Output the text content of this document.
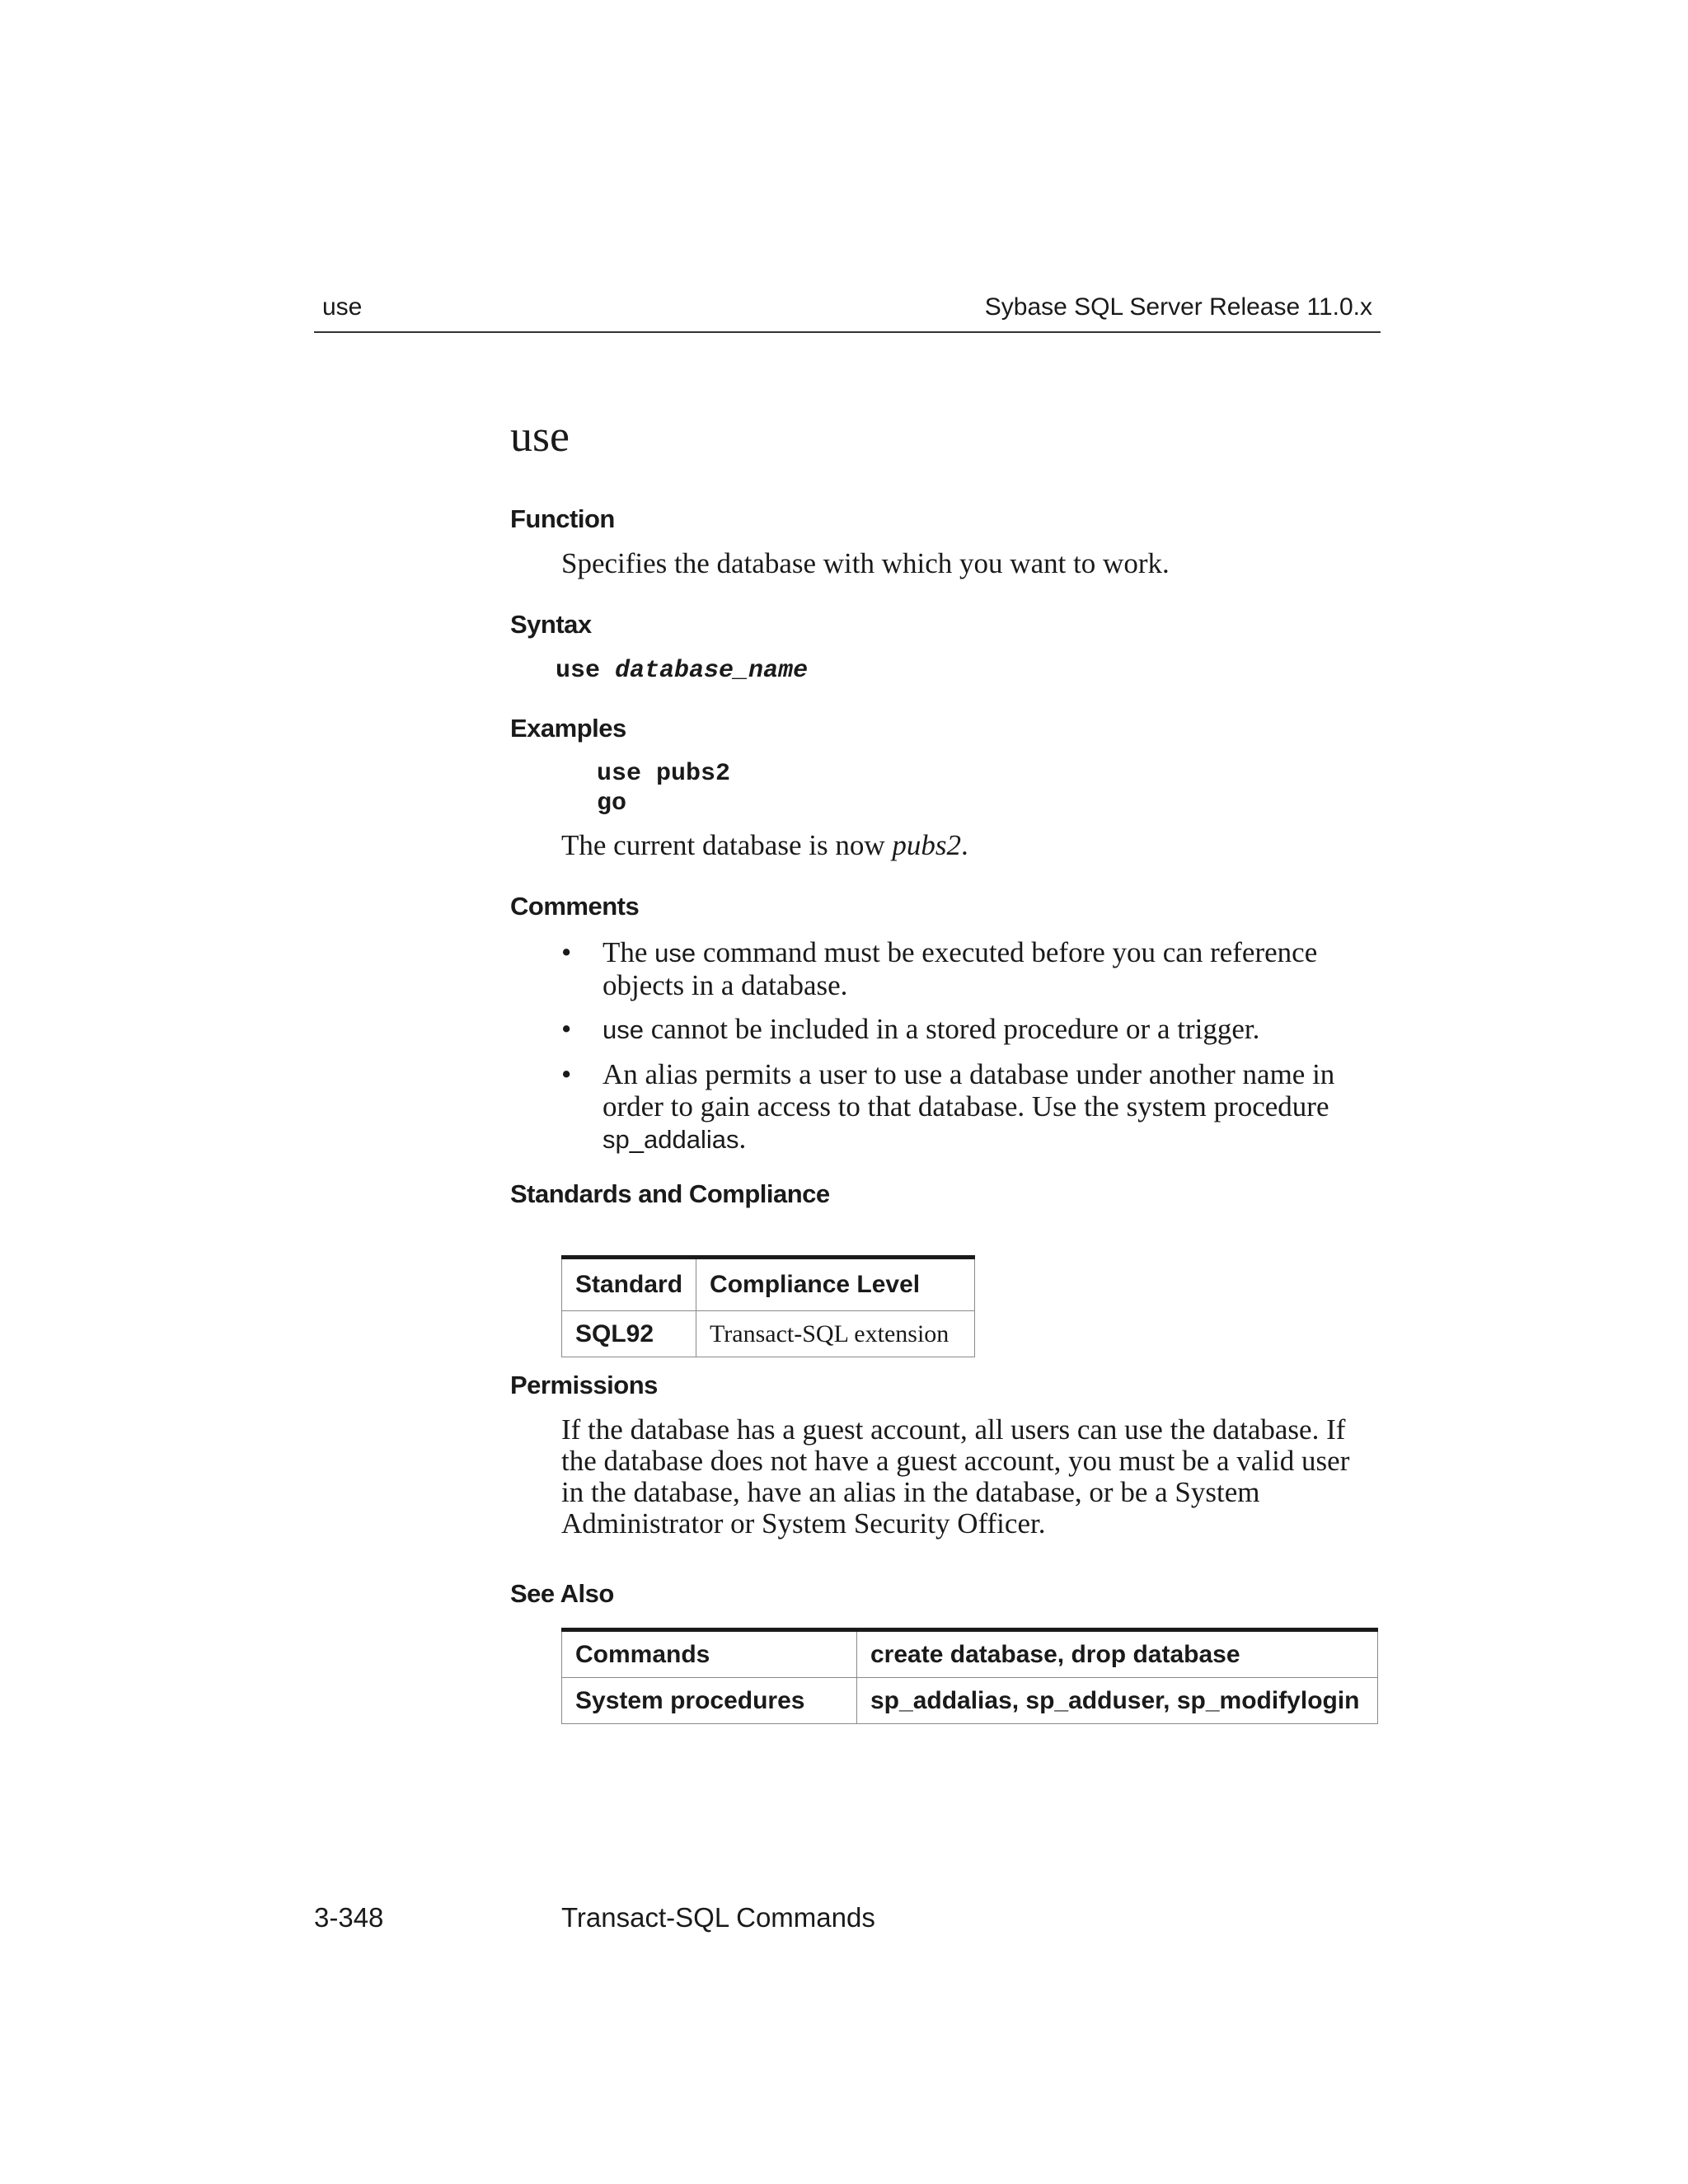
use	Sybase SQL Server Release 11.0.x
use
Function
Specifies the database with which you want to work.
Syntax
use database_name
Examples
use pubs2
go
The current database is now pubs2.
Comments
• The use command must be executed before you can reference
objects in a database.
• use cannot be included in a stored procedure or a trigger.
• An alias permits a user to use a database under another name in
order to gain access to that database. Use the system procedure
sp_addalias.
Standards and Compliance
Standard	Compliance Level
SQL92	Transact-SQL extension
Permissions
If the database has a guest account, all users can use the database. If
the database does not have a guest account, you must be a valid user
in the database, have an alias in the database, or be a System
Administrator or System Security Officer.
See Also
Commands	create database, drop database
System procedures	sp_addalias, sp_adduser, sp_modifylogin
3-348	Transact-SQL Commands
